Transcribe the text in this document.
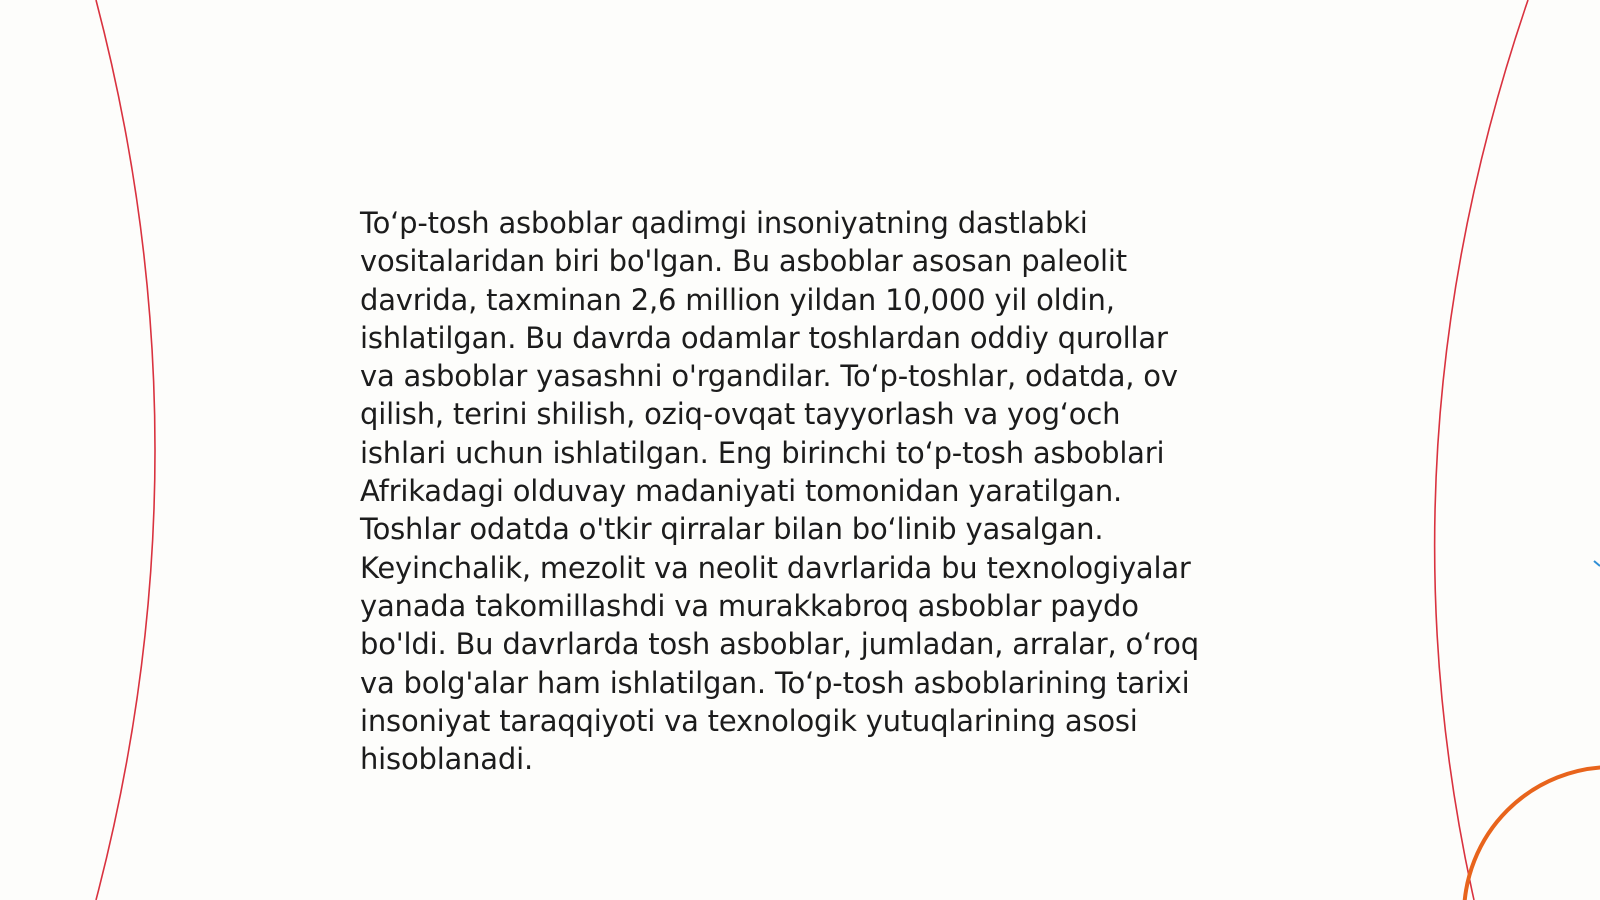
To‘p-tosh asboblar qadimgi insoniyatning dastlabki
vositalaridan biri bo'lgan. Bu asboblar asosan paleolit
davrida, taxminan 2,6 million yildan 10,000 yil oldin,
ishlatilgan. Bu davrda odamlar toshlardan oddiy qurollar
va asboblar yasashni o'rgandilar. To‘p-toshlar, odatda, ov
qilish, terini shilish, oziq-ovqat tayyorlash va yog‘och
ishlari uchun ishlatilgan. Eng birinchi to‘p-tosh asboblari
Afrikadagi olduvay madaniyati tomonidan yaratilgan.
Toshlar odatda o'tkir qirralar bilan bo‘linib yasalgan.
Keyinchalik, mezolit va neolit davrlarida bu texnologiyalar
yanada takomillashdi va murakkabroq asboblar paydo
bo'ldi. Bu davrlarda tosh asboblar, jumladan, arralar, o‘roq
va bolg'alar ham ishlatilgan. To‘p-tosh asboblarining tarixi
insoniyat taraqqiyoti va texnologik yutuqlarining asosi
hisoblanadi.
